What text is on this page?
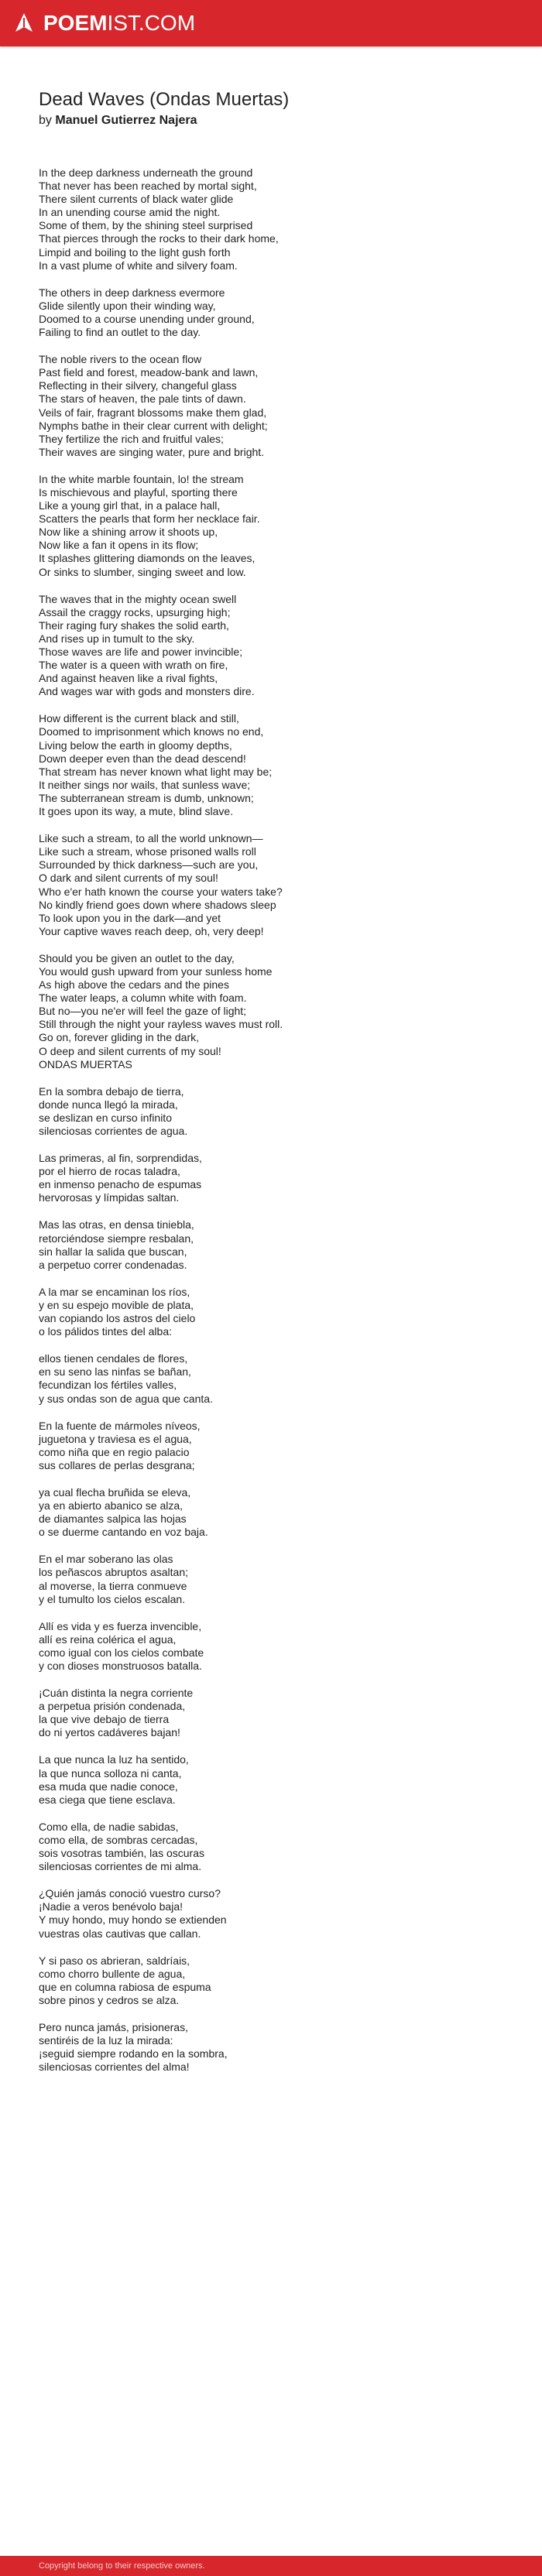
POEMIST.COM
Dead Waves (Ondas Muertas)
by Manuel Gutierrez Najera
In the deep darkness underneath the ground
That never has been reached by mortal sight,
There silent currents of black water glide
In an unending course amid the night.
Some of them, by the shining steel surprised
That pierces through the rocks to their dark home,
Limpid and boiling to the light gush forth
In a vast plume of white and silvery foam.
The others in deep darkness evermore
Glide silently upon their winding way,
Doomed to a course unending under ground,
Failing to find an outlet to the day.
The noble rivers to the ocean flow
Past field and forest, meadow-bank and lawn,
Reflecting in their silvery, changeful glass
The stars of heaven, the pale tints of dawn.
Veils of fair, fragrant blossoms make them glad,
Nymphs bathe in their clear current with delight;
They fertilize the rich and fruitful vales;
Their waves are singing water, pure and bright.
In the white marble fountain, lo! the stream
Is mischievous and playful, sporting there
Like a young girl that, in a palace hall,
Scatters the pearls that form her necklace fair.
Now like a shining arrow it shoots up,
Now like a fan it opens in its flow;
It splashes glittering diamonds on the leaves,
Or sinks to slumber, singing sweet and low.
The waves that in the mighty ocean swell
Assail the craggy rocks, upsurging high;
Their raging fury shakes the solid earth,
And rises up in tumult to the sky.
Those waves are life and power invincible;
The water is a queen with wrath on fire,
And against heaven like a rival fights,
And wages war with gods and monsters dire.
How different is the current black and still,
Doomed to imprisonment which knows no end,
Living below the earth in gloomy depths,
Down deeper even than the dead descend!
That stream has never known what light may be;
It neither sings nor wails, that sunless wave;
The subterranean stream is dumb, unknown;
It goes upon its way, a mute, blind slave.
Like such a stream, to all the world unknown—
Like such a stream, whose prisoned walls roll
Surrounded by thick darkness—such are you,
O dark and silent currents of my soul!
Who e'er hath known the course your waters take?
No kindly friend goes down where shadows sleep
To look upon you in the dark—and yet
Your captive waves reach deep, oh, very deep!
Should you be given an outlet to the day,
You would gush upward from your sunless home
As high above the cedars and the pines
The water leaps, a column white with foam.
But no—you ne'er will feel the gaze of light;
Still through the night your rayless waves must roll.
Go on, forever gliding in the dark,
O deep and silent currents of my soul!
ONDAS MUERTAS
En la sombra debajo de tierra,
donde nunca llegó la mirada,
se deslizan en curso infinito
silenciosas corrientes de agua.
Las primeras, al fin, sorprendidas,
por el hierro de rocas taladra,
en inmenso penacho de espumas
hervorosas y límpidas saltan.
Mas las otras, en densa tiniebla,
retorciéndose siempre resbalan,
sin hallar la salida que buscan,
a perpetuo correr condenadas.
A la mar se encaminan los ríos,
y en su espejo movible de plata,
van copiando los astros del cielo
o los pálidos tintes del alba:
ellos tienen cendales de flores,
en su seno las ninfas se bañan,
fecundizan los fértiles valles,
y sus ondas son de agua que canta.
En la fuente de mármoles níveos,
juguetona y traviesa es el agua,
como niña que en regio palacio
sus collares de perlas desgrana;
ya cual flecha bruñida se eleva,
ya en abierto abanico se alza,
de diamantes salpica las hojas
o se duerme cantando en voz baja.
En el mar soberano las olas
los peñascos abruptos asaltan;
al moverse, la tierra conmueve
y el tumulto los cielos escalan.
Allí es vida y es fuerza invencible,
allí es reina colérica el agua,
como igual con los cielos combate
y con dioses monstruosos batalla.
¡Cuán distinta la negra corriente
a perpetua prisión condenada,
la que vive debajo de tierra
do ni yertos cadáveres bajan!
La que nunca la luz ha sentido,
la que nunca solloza ni canta,
esa muda que nadie conoce,
esa ciega que tiene esclava.
Como ella, de nadie sabidas,
como ella, de sombras cercadas,
sois vosotras también, las oscuras
silenciosas corrientes de mi alma.
¿Quién jamás conoció vuestro curso?
¡Nadie a veros benévolo baja!
Y muy hondo, muy hondo se extienden
vuestras olas cautivas que callan.
Y si paso os abrieran, saldríais,
como chorro bullente de agua,
que en columna rabiosa de espuma
sobre pinos y cedros se alza.
Pero nunca jamás, prisioneras,
sentiréis de la luz la mirada:
¡seguid siempre rodando en la sombra,
silenciosas corrientes del alma!
Copyright belong to their respective owners.
